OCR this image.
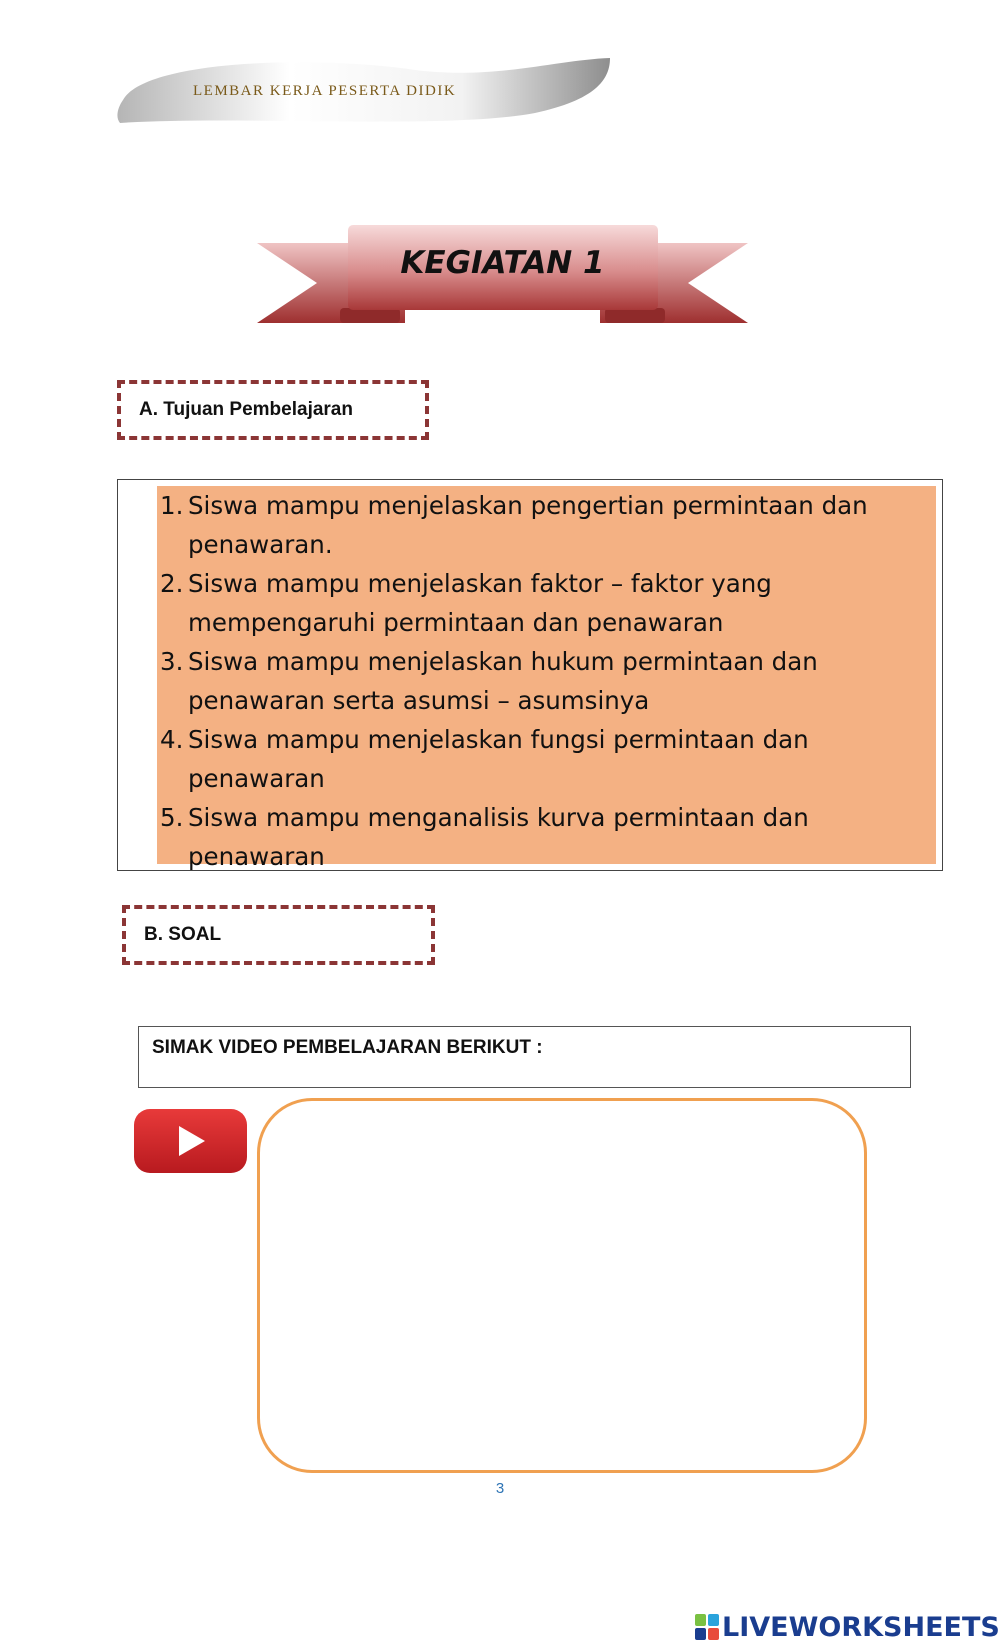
LEMBAR KERJA PESERTA DIDIK
KEGIATAN 1
A. Tujuan Pembelajaran
1. Siswa mampu menjelaskan pengertian permintaan dan penawaran.
2. Siswa mampu menjelaskan faktor – faktor yang mempengaruhi permintaan dan penawaran
3. Siswa mampu menjelaskan hukum permintaan dan penawaran serta asumsi – asumsinya
4. Siswa mampu menjelaskan fungsi permintaan dan penawaran
5. Siswa mampu menganalisis kurva permintaan dan penawaran
B. SOAL
SIMAK VIDEO PEMBELAJARAN BERIKUT :
3
LIVEWORKSHEETS
